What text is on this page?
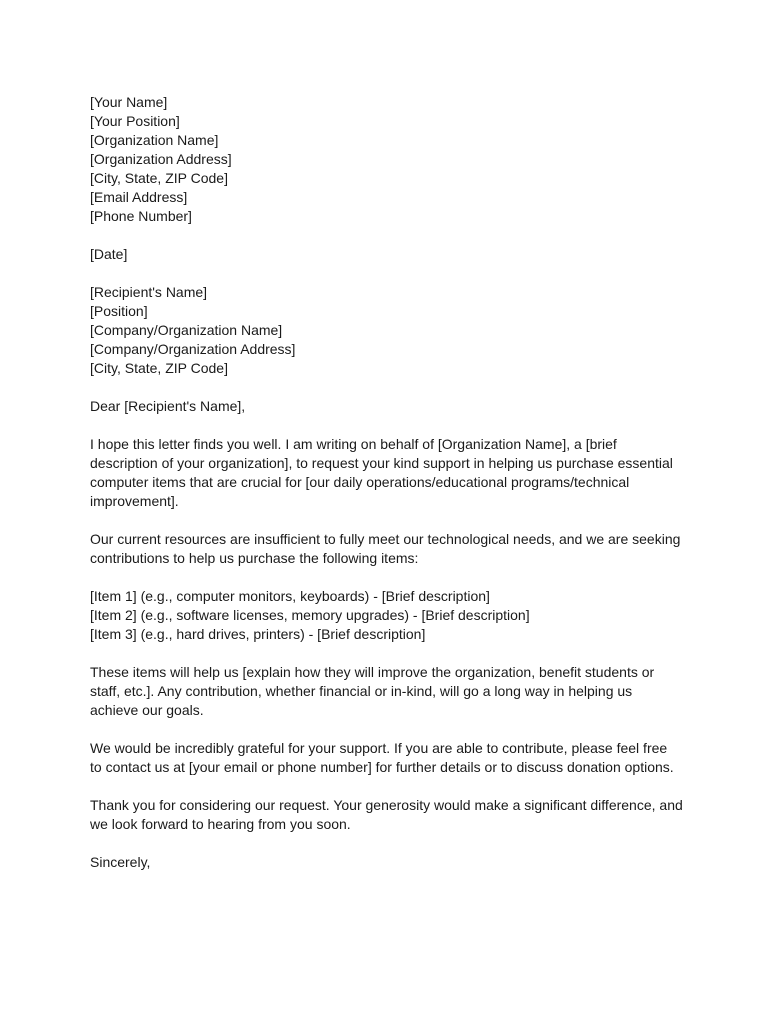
[Your Name]
[Your Position]
[Organization Name]
[Organization Address]
[City, State, ZIP Code]
[Email Address]
[Phone Number]
[Date]
[Recipient's Name]
[Position]
[Company/Organization Name]
[Company/Organization Address]
[City, State, ZIP Code]
Dear [Recipient's Name],
I hope this letter finds you well. I am writing on behalf of [Organization Name], a [brief
description of your organization], to request your kind support in helping us purchase essential
computer items that are crucial for [our daily operations/educational programs/technical
improvement].
Our current resources are insufficient to fully meet our technological needs, and we are seeking
contributions to help us purchase the following items:
[Item 1] (e.g., computer monitors, keyboards) - [Brief description]
[Item 2] (e.g., software licenses, memory upgrades) - [Brief description]
[Item 3] (e.g., hard drives, printers) - [Brief description]
These items will help us [explain how they will improve the organization, benefit students or
staff, etc.]. Any contribution, whether financial or in-kind, will go a long way in helping us
achieve our goals.
We would be incredibly grateful for your support. If you are able to contribute, please feel free
to contact us at [your email or phone number] for further details or to discuss donation options.
Thank you for considering our request. Your generosity would make a significant difference, and
we look forward to hearing from you soon.
Sincerely,
